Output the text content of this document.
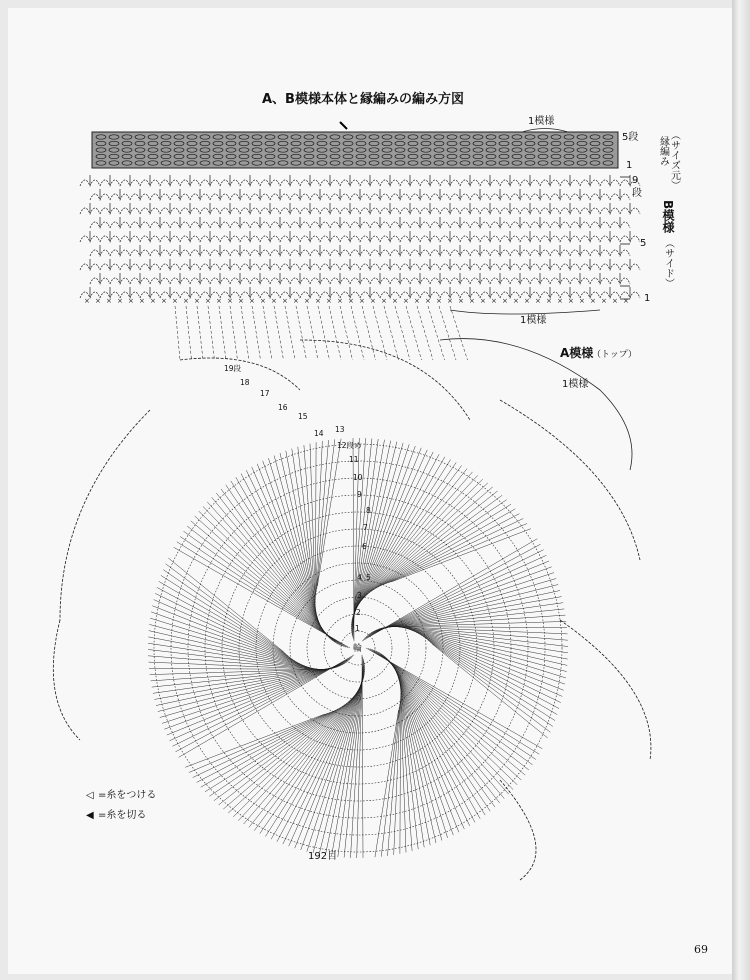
A、B模様本体と縁編みの編み方図
1模様
5段
1	（サイズ元）
縁編み
× × × × × × × × × × × × × × × × × × × × × × × × × × × × × × × × × × × × × × × × × × × × × × × × × ×
9
段
5
1
B模様
（サイド）
1模様
1
2
3
4 5
6
7
8
9
10
11
12段め
13
14
15
16
17
18
19段
A模様
（トップ）
1模様
輪
192目
◁ =糸をつける
◀ =糸を切る
69
